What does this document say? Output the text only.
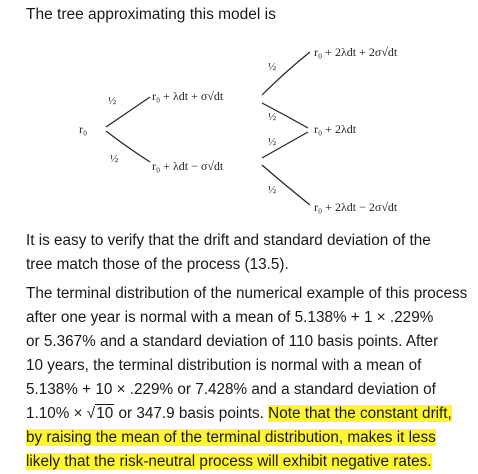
The tree approximating this model is
½
½
½
½
½
½
r₀
r₀ + λdt + σ√dt
r₀ + λdt − σ√dt
r₀ + 2λdt + 2σ√dt
r₀ + 2λdt
r₀ + 2λdt − 2σ√dt

It is easy to verify that the drift and standard deviation of the
tree match those of the process (13.5).

The terminal distribution of the numerical example of this process
after one year is normal with a mean of 5.138% + 1 × .229%
or 5.367% and a standard deviation of 110 basis points. After
10 years, the terminal distribution is normal with a mean of
5.138% + 10 × .229% or 7.428% and a standard deviation of
1.10% × √10 or 347.9 basis points. Note that the constant drift,
by raising the mean of the terminal distribution, makes it less
likely that the risk-neutral process will exhibit negative rates.
